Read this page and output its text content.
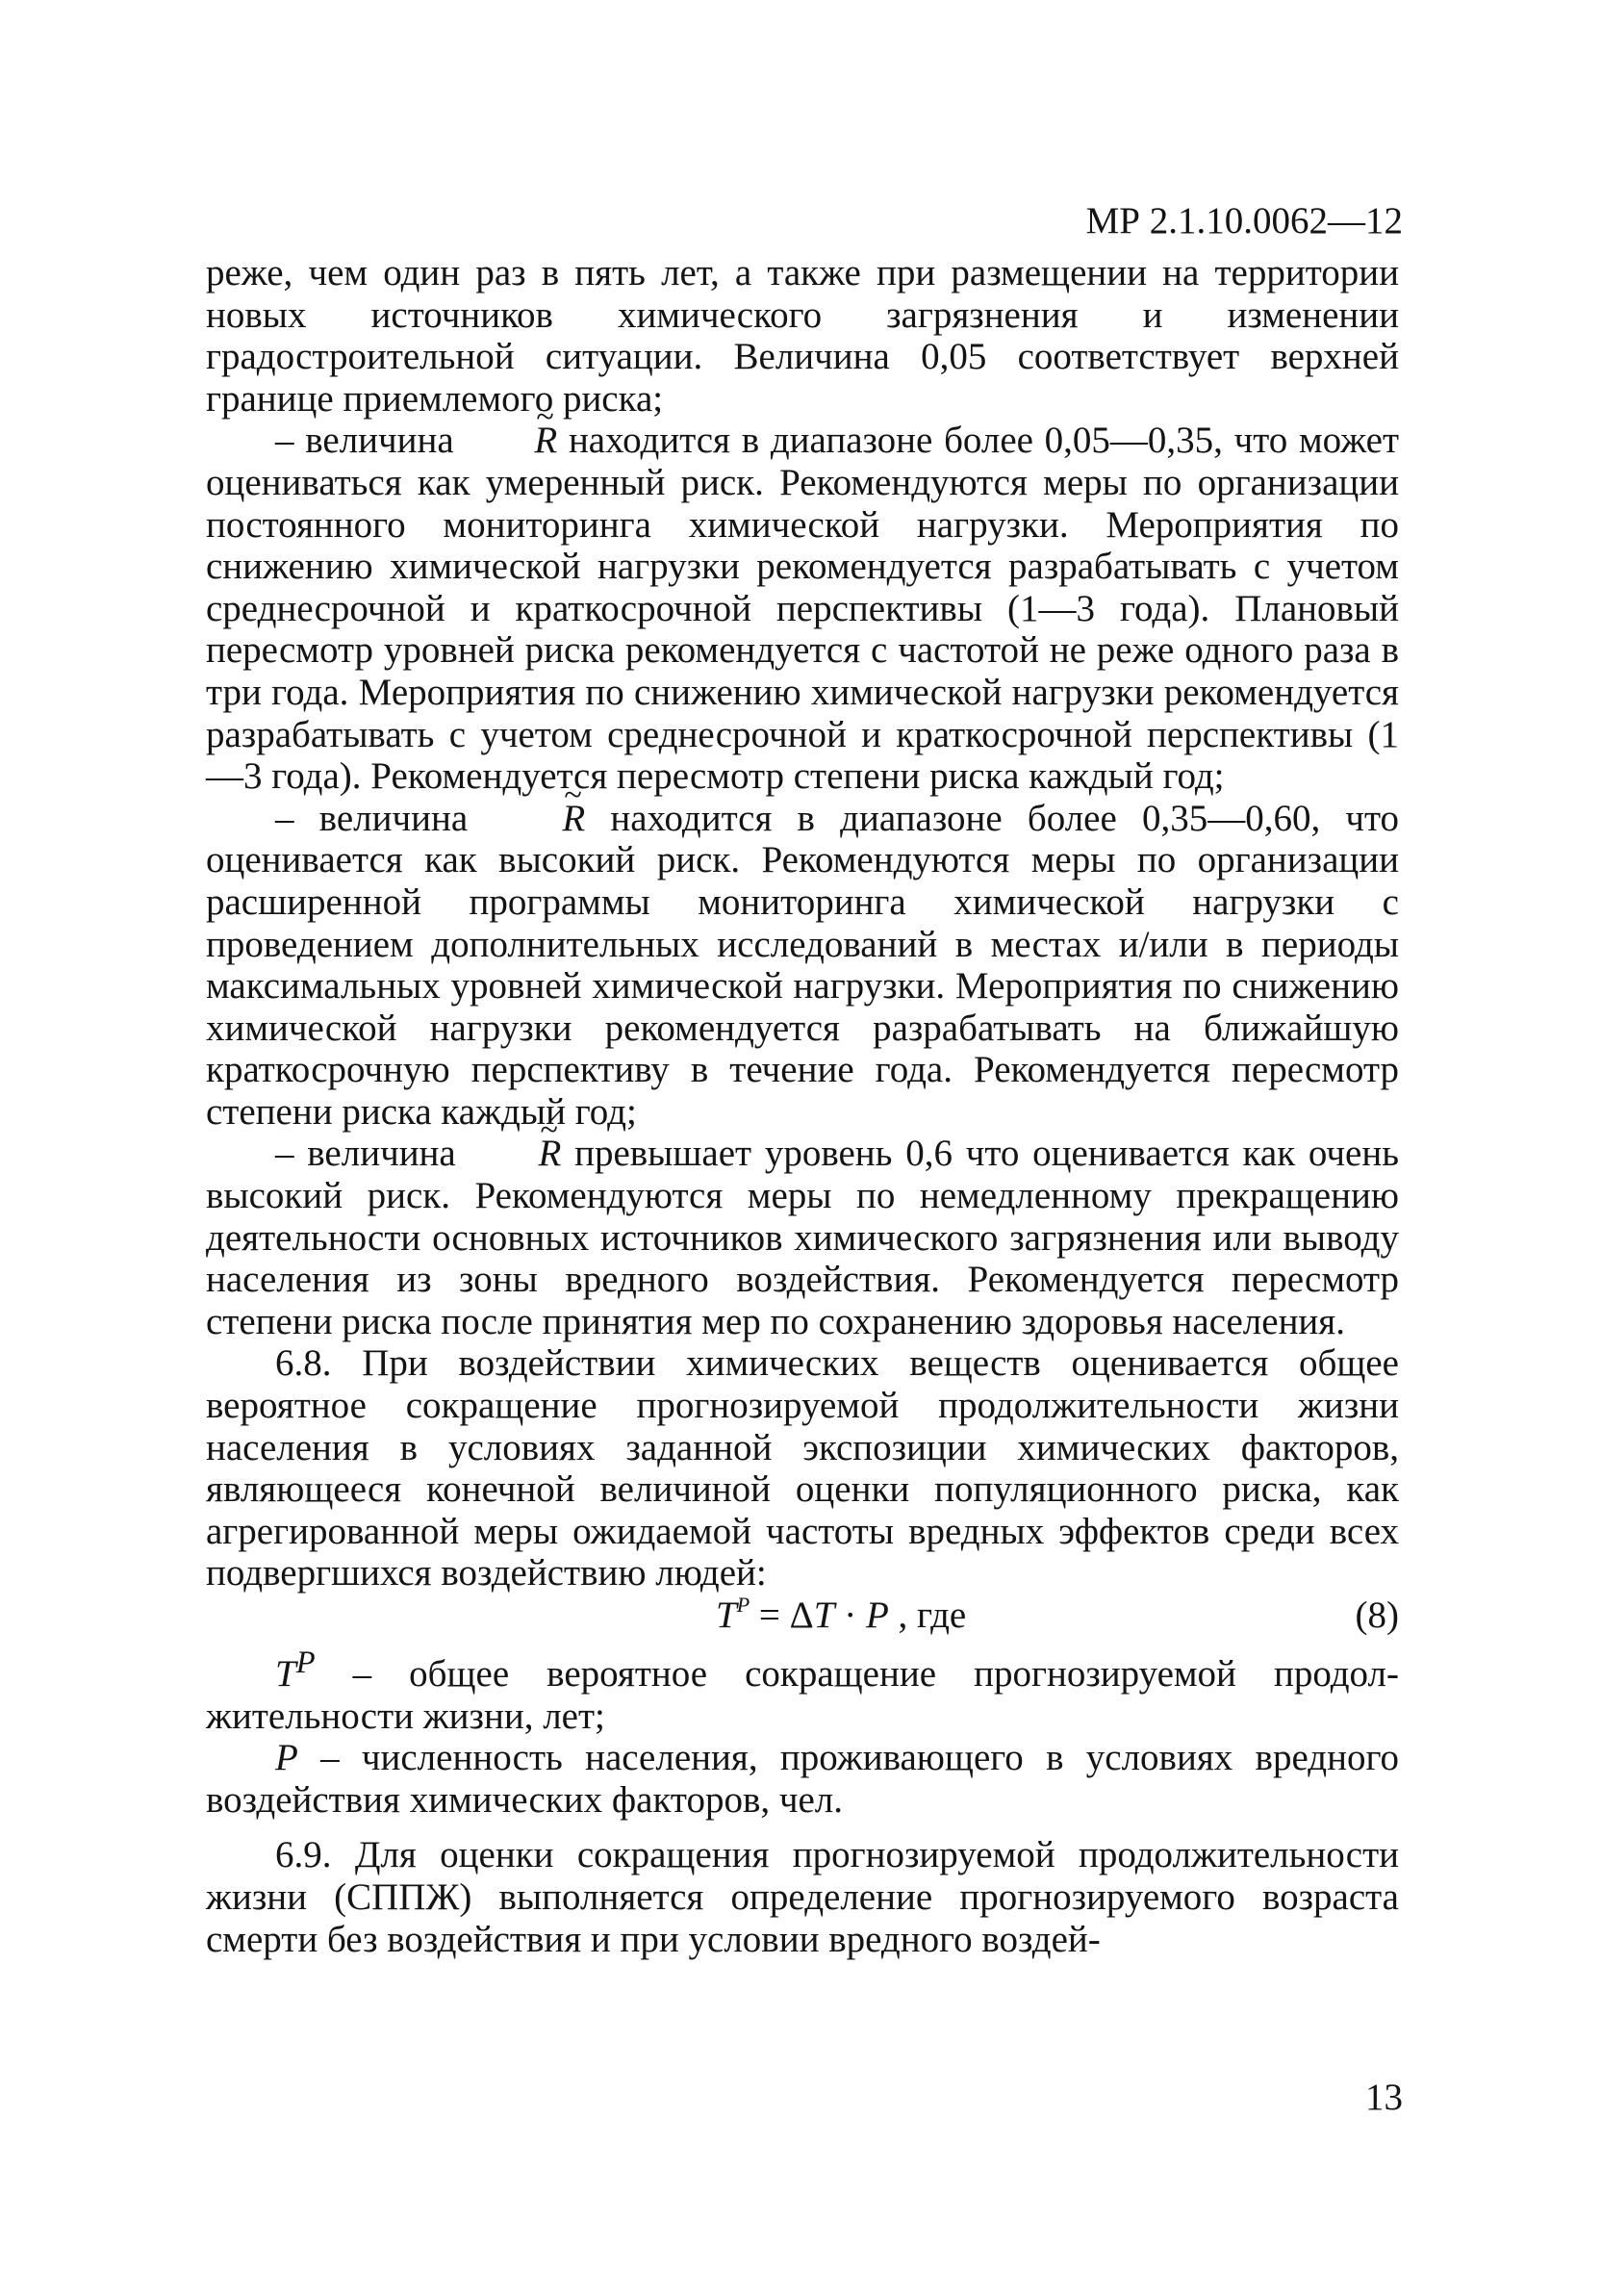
МР 2.1.10.0062—12

реже, чем один раз в пять лет, а также при размещении на территории новых источников химического загрязнения и изменении градостроительной ситуации. Величина 0,05 соответствует верхней границе приемлемого риска;

– величина ~ R находится в диапазоне более 0,05—0,35, что может оцениваться как умеренный риск. Рекомендуются меры по организации постоянного мониторинга химической нагрузки. Мероприятия по снижению химической нагрузки рекомендуется разрабатывать с учетом среднесрочной и краткосрочной перспективы (1—3 года). Плановый пересмотр уровней риска рекомендуется с частотой не реже одного раза в три года. Мероприятия по снижению химической нагрузки рекомендуется разрабатывать с учетом среднесрочной и краткосрочной перспективы (1—3 года). Рекомендуется пересмотр степени риска каждый год;

– величина ~ R находится в диапазоне более 0,35—0,60, что оценивается как высокий риск. Рекомендуются меры по организации расширенной программы мониторинга химической нагрузки с проведением дополнительных исследований в местах и/или в периоды максимальных уровней химической нагрузки. Мероприятия по снижению химической нагрузки рекомендуется разрабатывать на ближайшую краткосрочную перспективу в течение года. Рекомендуется пересмотр степени риска каждый год;

– величина ~ R превышает уровень 0,6 что оценивается как очень высокий риск. Рекомендуются меры по немедленному прекращению деятельности основных источников химического загрязнения или выводу населения из зоны вредного воздействия. Рекомендуется пересмотр степени риска после принятия мер по сохранению здоровья населения.

6.8. При воздействии химических веществ оценивается общее вероятное сокращение прогнозируемой продолжительности жизни населения в условиях заданной экспозиции химических факторов, являющееся конечной величиной оценки популяционного риска, как агрегированной меры ожидаемой частоты вредных эффектов среди всех подвергшихся воздействию людей:

$T^P = \Delta T \cdot P$ , где	(8)

$T^P$ – общее вероятное сокращение прогнозируемой продолжительности жизни, лет;

P – численность населения, проживающего в условиях вредного воздействия химических факторов, чел.

6.9. Для оценки сокращения прогнозируемой продолжительности жизни (СППЖ) выполняется определение прогнозируемого возраста смерти без воздействия и при условии вредного воздей-

13
